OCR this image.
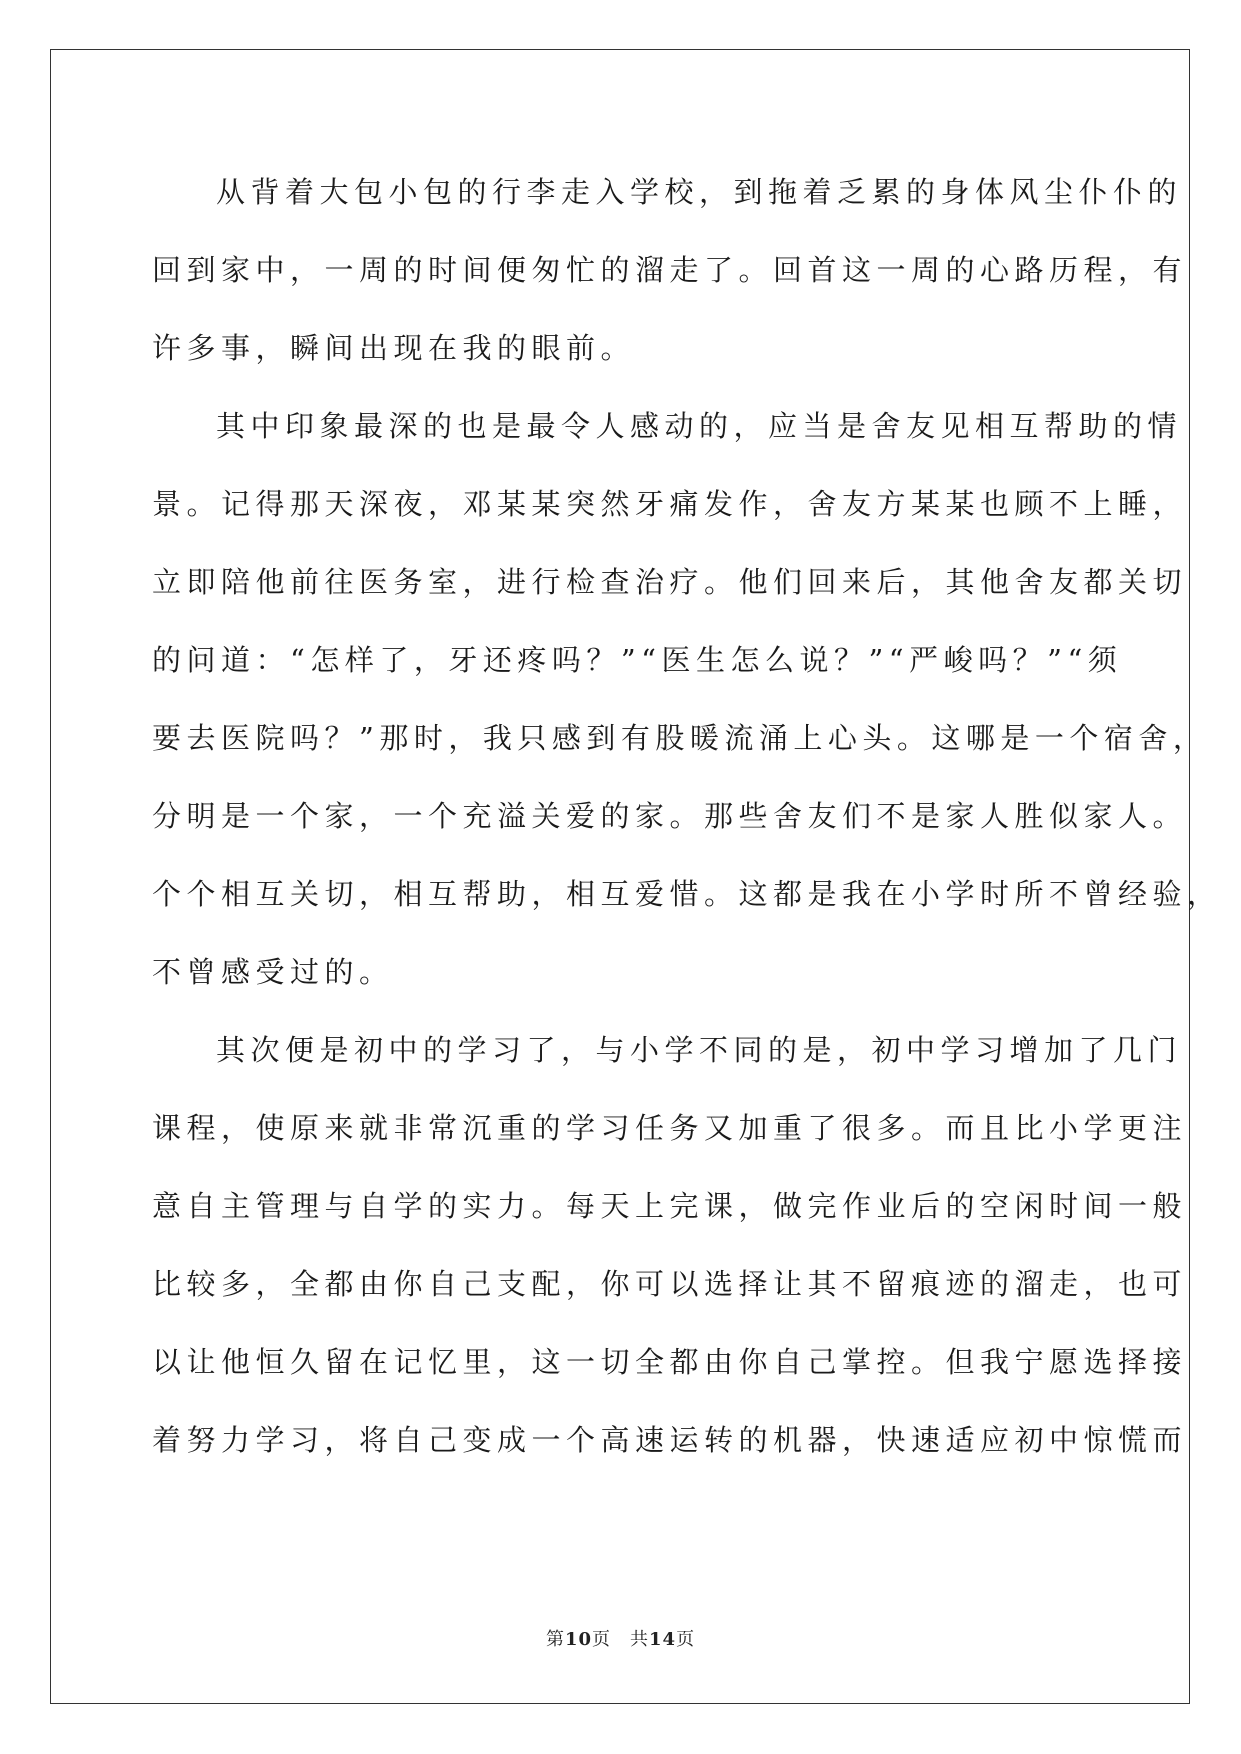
从背着大包小包的行李走入学校，到拖着乏累的身体风尘仆仆的
回到家中，一周的时间便匆忙的溜走了。回首这一周的心路历程，有
许多事，瞬间出现在我的眼前。
其中印象最深的也是最令人感动的，应当是舍友见相互帮助的情
景。记得那天深夜，邓某某突然牙痛发作，舍友方某某也顾不上睡，
立即陪他前往医务室，进行检查治疗。他们回来后，其他舍友都关切
的问道：“怎样了，牙还疼吗？”“医生怎么说？”“严峻吗？”“须
要去医院吗？”那时，我只感到有股暖流涌上心头。这哪是一个宿舍，
分明是一个家，一个充溢关爱的家。那些舍友们不是家人胜似家人。
个个相互关切，相互帮助，相互爱惜。这都是我在小学时所不曾经验，
不曾感受过的。
其次便是初中的学习了，与小学不同的是，初中学习增加了几门
课程，使原来就非常沉重的学习任务又加重了很多。而且比小学更注
意自主管理与自学的实力。每天上完课，做完作业后的空闲时间一般
比较多，全都由你自己支配，你可以选择让其不留痕迹的溜走，也可
以让他恒久留在记忆里，这一切全都由你自己掌控。但我宁愿选择接
着努力学习，将自己变成一个高速运转的机器，快速适应初中惊慌而
第10页　共14页
